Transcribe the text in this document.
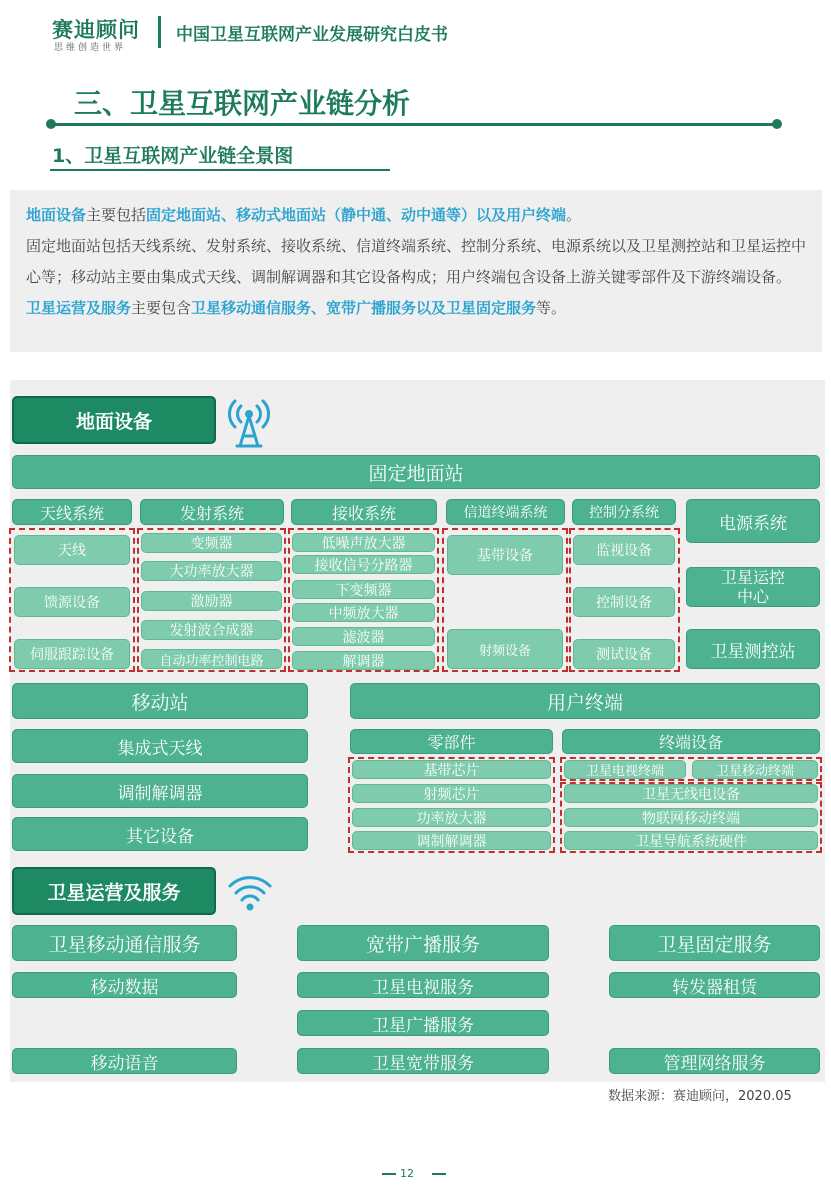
赛迪顾问
思维创造世界
中国卫星互联网产业发展研究白皮书
三、卫星互联网产业链分析
1、卫星互联网产业链全景图
地面设备主要包括固定地面站、移动式地面站（静中通、动中通等）以及用户终端。
固定地面站包括天线系统、发射系统、接收系统、信道终端系统、控制分系统、电源系统以及卫星测控站和卫星运控中心等；移动站主要由集成式天线、调制解调器和其它设备构成；用户终端包含设备上游关键零部件及下游终端设备。
卫星运营及服务主要包含卫星移动通信服务、宽带广播服务以及卫星固定服务等。
地面设备
固定地面站
天线系统	发射系统	接收系统	信道终端系统	控制分系统
电源系统
天线
馈源设备
伺服跟踪设备
变频器
大功率放大器
激励器
发射波合成器
自动功率控制电路
低噪声放大器
接收信号分路器
下变频器
中频放大器
滤波器
解调器
基带设备
射频设备
监视设备
控制设备
测试设备
卫星运控中心
卫星测控站
移动站
集成式天线
调制解调器
其它设备
用户终端
零部件	终端设备
基带芯片
射频芯片
功率放大器
调制解调器
卫星电视终端	卫星移动终端
卫星无线电设备
物联网移动终端
卫星导航系统硬件
卫星运营及服务
卫星移动通信服务
移动数据
移动语音
宽带广播服务
卫星电视服务
卫星广播服务
卫星宽带服务
卫星固定服务
转发器租赁
管理网络服务
数据来源：赛迪顾问，2020.05
12
